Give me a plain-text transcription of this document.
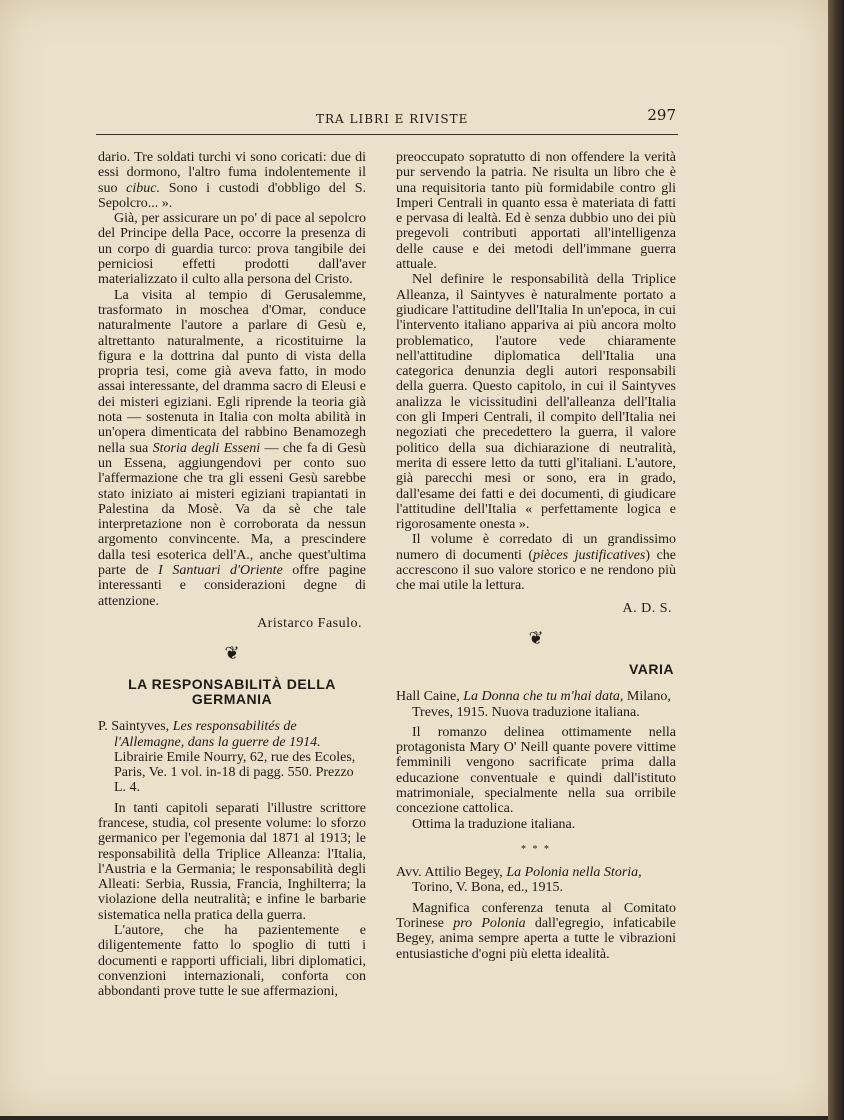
TRA LIBRI E RIVISTE	297

dario. Tre soldati turchi vi sono coricati: due di essi dormono, l'altro fuma indolentemente il suo cibuc. Sono i custodi d'obbligo del S. Sepolcro... ».

Già, per assicurare un po' di pace al sepolcro del Principe della Pace, occorre la presenza di un corpo di guardia turco: prova tangibile dei perniciosi effetti prodotti dall'aver materializzato il culto alla persona del Cristo.

La visita al tempio di Gerusalemme, trasformato in moschea d'Omar, conduce naturalmente l'autore a parlare di Gesù e, altrettanto naturalmente, a ricostituirne la figura e la dottrina dal punto di vista della propria tesi, come già aveva fatto, in modo assai interessante, del dramma sacro di Eleusi e dei misteri egiziani. Egli riprende la teoria già nota — sostenuta in Italia con molta abilità in un'opera dimenticata del rabbino Benamozegh nella sua Storia degli Esseni — che fa di Gesù un Essena, aggiungendovi per conto suo l'affermazione che tra gli esseni Gesù sarebbe stato iniziato ai misteri egiziani trapiantati in Palestina da Mosè. Va da sè che tale interpretazione non è corroborata da nessun argomento convincente. Ma, a prescindere dalla tesi esoterica dell'A., anche quest'ultima parte de I Santuari d'Oriente offre pagine interessanti e considerazioni degne di attenzione.

Aristarco Fasulo.

❦
LA RESPONSABILITÀ DELLA GERMANIA

P. Saintyves, Les responsabilités de l'Allemagne, dans la guerre de 1914. Librairie Emile Nourry, 62, rue des Ecoles, Paris, Ve. 1 vol. in-18 di pagg. 550. Prezzo L. 4.

In tanti capitoli separati l'illustre scrittore francese, studia, col presente volume: lo sforzo germanico per l'egemonia dal 1871 al 1913; le responsabilità della Triplice Alleanza: l'Italia, l'Austria e la Germania; le responsabilità degli Alleati: Serbia, Russia, Francia, Inghilterra; la violazione della neutralità; e infine le barbarie sistematica nella pratica della guerra.

L'autore, che ha pazientemente e diligentemente fatto lo spoglio di tutti i documenti e rapporti ufficiali, libri diplomatici, convenzioni internazionali, conforta con abbondanti prove tutte le sue affermazioni,

preoccupato sopratutto di non offendere la verità pur servendo la patria. Ne risulta un libro che è una requisitoria tanto più formidabile contro gli Imperi Centrali in quanto essa è materiata di fatti e pervasa di lealtà. Ed è senza dubbio uno dei più pregevoli contributi apportati all'intelligenza delle cause e dei metodi dell'immane guerra attuale.

Nel definire le responsabilità della Triplice Alleanza, il Saintyves è naturalmente portato a giudicare l'attitudine dell'Italia In un'epoca, in cui l'intervento italiano appariva ai più ancora molto problematico, l'autore vede chiaramente nell'attitudine diplomatica dell'Italia una categorica denunzia degli autori responsabili della guerra. Questo capitolo, in cui il Saintyves analizza le vicissitudini dell'alleanza dell'Italia con gli Imperi Centrali, il compito dell'Italia nei negoziati che precedettero la guerra, il valore politico della sua dichiarazione di neutralità, merita di essere letto da tutti gl'italiani. L'autore, già parecchi mesi or sono, era in grado, dall'esame dei fatti e dei documenti, di giudicare l'attitudine dell'Italia « perfettamente logica e rigorosamente onesta ».

Il volume è corredato di un grandissimo numero di documenti (pièces justificatives) che accrescono il suo valore storico e ne rendono più che mai utile la lettura.

A. D. S.

❦
VARIA

Hall Caine, La Donna che tu m'hai data, Milano, Treves, 1915. Nuova traduzione italiana.

Il romanzo delinea ottimamente nella protagonista Mary O' Neill quante povere vittime femminili vengono sacrificate prima dalla educazione conventuale e quindi dall'istituto matrimoniale, specialmente nella sua orribile concezione cattolica.

Ottima la traduzione italiana.

* * *

Avv. Attilio Begey, La Polonia nella Storia, Torino, V. Bona, ed., 1915.

Magnifica conferenza tenuta al Comitato Torinese pro Polonia dall'egregio, infaticabile Begey, anima sempre aperta a tutte le vibrazioni entusiastiche d'ogni più eletta idealità.
